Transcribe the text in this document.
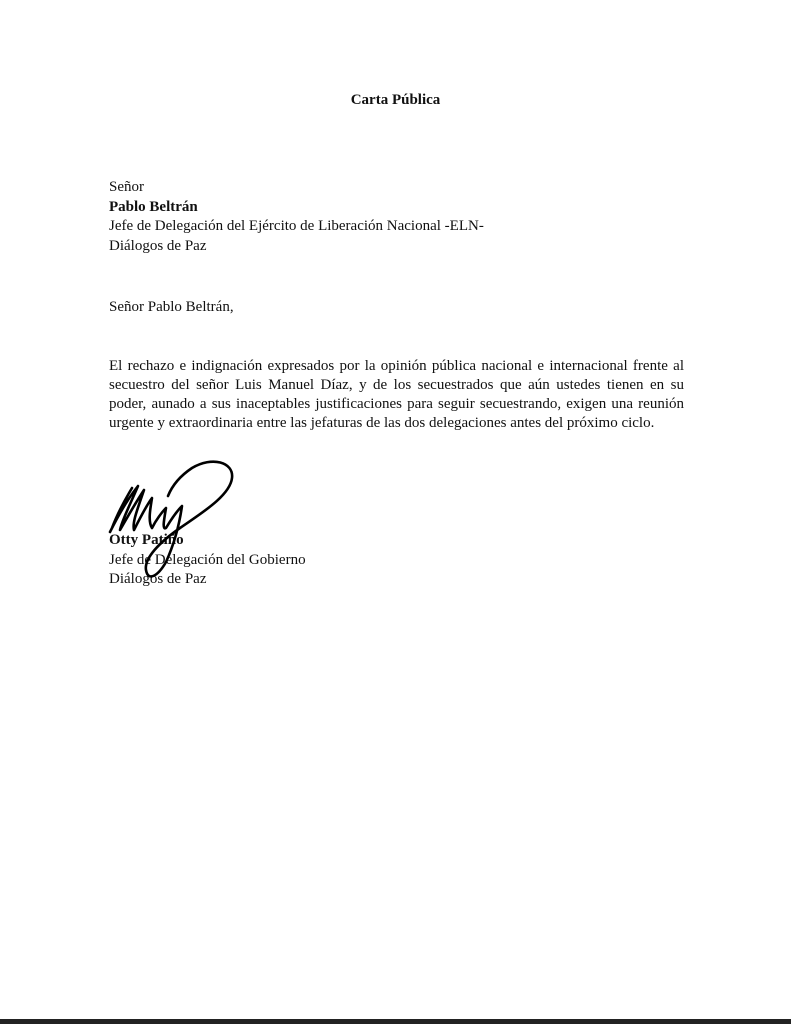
Carta Pública
Señor
Pablo Beltrán
Jefe de Delegación del Ejército de Liberación Nacional -ELN-
Diálogos de Paz
Señor Pablo Beltrán,
El rechazo e indignación expresados por la opinión pública nacional e internacional frente al secuestro del señor Luis Manuel Díaz, y de los secuestrados que aún ustedes tienen en su poder, aunado a sus inaceptables justificaciones para seguir secuestrando, exigen una reunión urgente y extraordinaria entre las jefaturas de las dos delegaciones antes del próximo ciclo.
Otty Patiño
Jefe de Delegación del Gobierno
Diálogos de Paz
